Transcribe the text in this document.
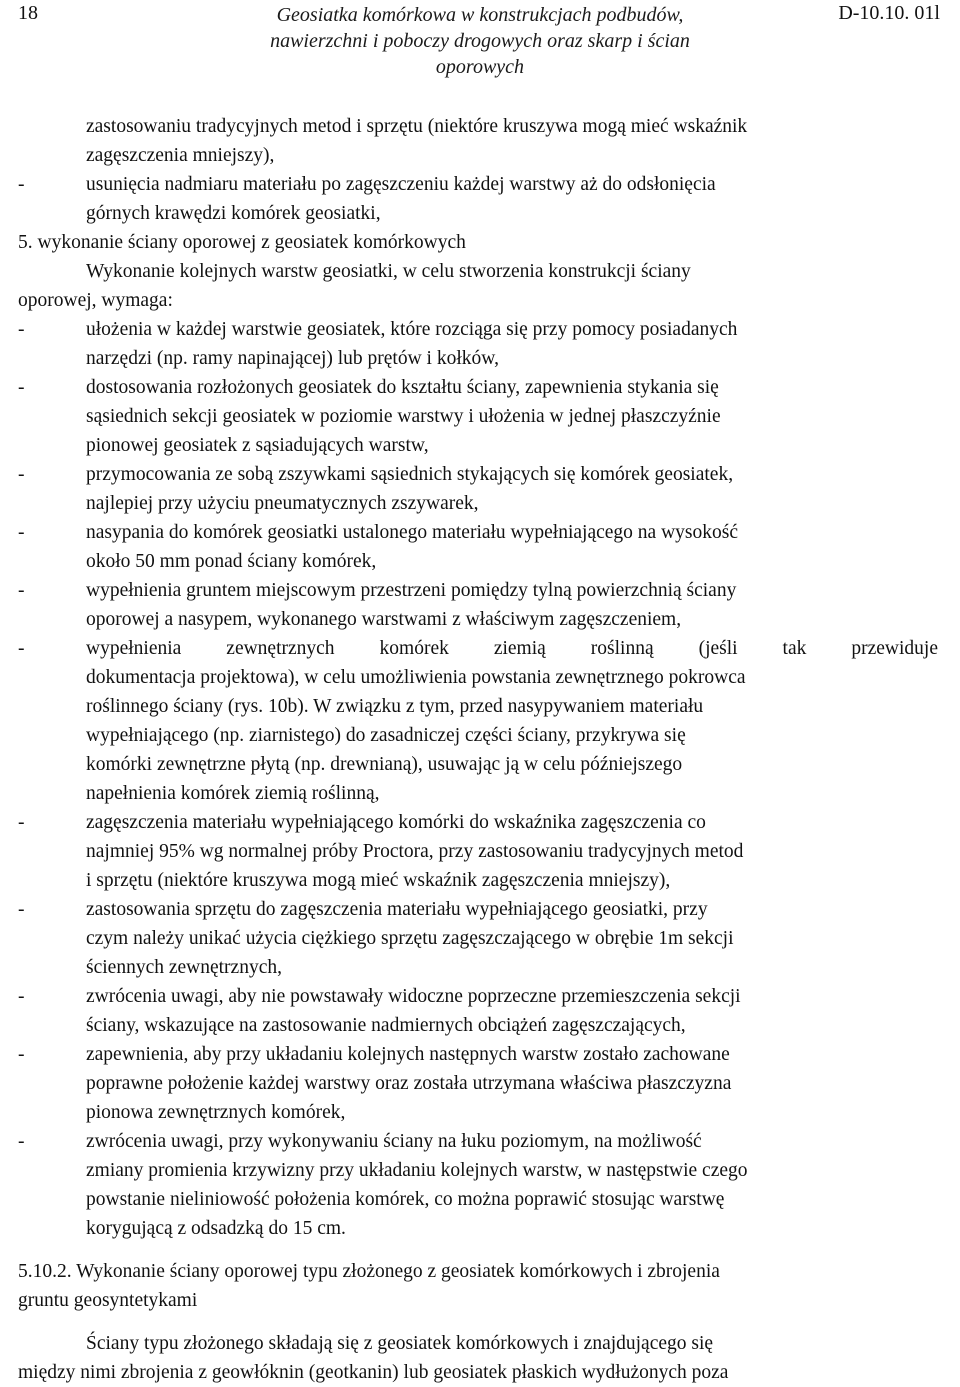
18	Geosiatka komórkowa w konstrukcjach podbudów,
nawierzchni i poboczy drogowych oraz skarp i ścian
oporowych
D-10.10. 01l
zastosowaniu tradycyjnych metod i sprzętu (niektóre kruszywa mogą mieć wskaźnik
zagęszczenia mniejszy),
-	usunięcia nadmiaru materiału po zagęszczeniu każdej warstwy aż do odsłonięcia
górnych krawędzi komórek geosiatki,
5. wykonanie ściany oporowej z geosiatek komórkowych
Wykonanie kolejnych warstw geosiatki, w celu stworzenia konstrukcji ściany
oporowej, wymaga:
-	ułożenia w każdej warstwie geosiatek, które rozciąga się przy pomocy posiadanych
narzędzi (np. ramy napinającej) lub prętów i kołków,
-	dostosowania rozłożonych geosiatek do kształtu ściany, zapewnienia stykania się
sąsiednich sekcji geosiatek w poziomie warstwy i ułożenia w jednej płaszczyźnie
pionowej geosiatek z sąsiadujących warstw,
-	przymocowania ze sobą zszywkami sąsiednich stykających się komórek geosiatek,
najlepiej przy użyciu pneumatycznych zszywarek,
-	nasypania do komórek geosiatki ustalonego materiału wypełniającego na wysokość
około 50 mm ponad ściany komórek,
-	wypełnienia gruntem miejscowym przestrzeni pomiędzy tylną powierzchnią ściany
oporowej a nasypem, wykonanego warstwami z właściwym zagęszczeniem,
-	wypełnienia zewnętrznych komórek ziemią roślinną (jeśli tak przewiduje
dokumentacja projektowa), w celu umożliwienia powstania zewnętrznego pokrowca
roślinnego ściany (rys. 10b). W związku z tym, przed nasypywaniem materiału
wypełniającego (np. ziarnistego) do zasadniczej części ściany, przykrywa się
komórki zewnętrzne płytą (np. drewnianą), usuwając ją w celu późniejszego
napełnienia komórek ziemią roślinną,
-	zagęszczenia materiału wypełniającego komórki do wskaźnika zagęszczenia co
najmniej 95% wg normalnej próby Proctora, przy zastosowaniu tradycyjnych metod
i sprzętu (niektóre kruszywa mogą mieć wskaźnik zagęszczenia mniejszy),
-	zastosowania sprzętu do zagęszczenia materiału wypełniającego geosiatki, przy
czym należy unikać użycia ciężkiego sprzętu zagęszczającego w obrębie 1m sekcji
ściennych zewnętrznych,
-	zwrócenia uwagi, aby nie powstawały widoczne poprzeczne przemieszczenia sekcji
ściany, wskazujące na zastosowanie nadmiernych obciążeń zagęszczających,
-	zapewnienia, aby przy układaniu kolejnych następnych warstw zostało zachowane
poprawne położenie każdej warstwy oraz została utrzymana właściwa płaszczyzna
pionowa zewnętrznych komórek,
-	zwrócenia uwagi, przy wykonywaniu ściany na łuku poziomym, na możliwość
zmiany promienia krzywizny przy układaniu kolejnych warstw, w następstwie czego
powstanie nieliniowość położenia komórek, co można poprawić stosując warstwę
korygującą z odsadzką do 15 cm.
5.10.2. Wykonanie ściany oporowej typu złożonego z geosiatek komórkowych i zbrojenia
gruntu geosyntetykami
Ściany typu złożonego składają się z geosiatek komórkowych i znajdującego się
między nimi zbrojenia z geowłóknin (geotkanin) lub geosiatek płaskich wydłużonych poza
